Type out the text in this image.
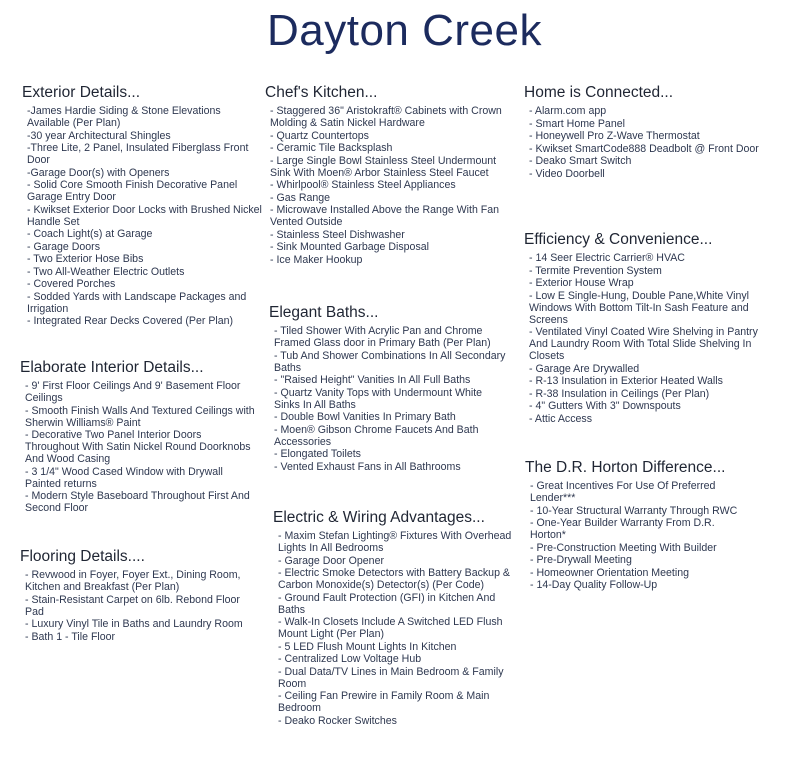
Dayton Creek
Exterior Details...
-James Hardie Siding & Stone Elevations Available (Per Plan)
-30 year Architectural Shingles
-Three Lite, 2 Panel, Insulated Fiberglass Front Door
-Garage Door(s) with Openers
- Solid Core Smooth Finish Decorative Panel Garage Entry Door
- Kwikset Exterior Door Locks with Brushed Nickel Handle Set
- Coach Light(s) at Garage
- Garage Doors
- Two Exterior Hose Bibs
- Two All-Weather Electric Outlets
- Covered Porches
- Sodded Yards with Landscape Packages and Irrigation
- Integrated Rear Decks Covered (Per Plan)
Elaborate Interior Details...
- 9' First Floor Ceilings And 9' Basement Floor Ceilings
- Smooth Finish Walls And Textured Ceilings with Sherwin Williams® Paint
- Decorative Two Panel Interior Doors Throughout With Satin Nickel Round Doorknobs And Wood Casing
- 3 1/4" Wood Cased Window with Drywall Painted returns
- Modern Style Baseboard Throughout First And Second Floor
Flooring Details....
- Revwood in Foyer, Foyer Ext., Dining Room, Kitchen and Breakfast (Per Plan)
- Stain-Resistant Carpet on 6lb. Rebond Floor Pad
- Luxury Vinyl Tile in Baths and Laundry Room
- Bath 1 - Tile Floor
Chef's Kitchen...
- Staggered 36" Aristokraft® Cabinets with Crown Molding & Satin Nickel Hardware
- Quartz Countertops
- Ceramic Tile Backsplash
- Large Single Bowl Stainless Steel Undermount Sink With Moen® Arbor Stainless Steel Faucet
- Whirlpool® Stainless Steel Appliances
- Gas Range
- Microwave Installed Above the Range With Fan Vented Outside
- Stainless Steel Dishwasher
- Sink Mounted Garbage Disposal
- Ice Maker Hookup
Elegant Baths...
- Tiled Shower With Acrylic Pan and Chrome Framed Glass door in Primary Bath (Per Plan)
- Tub And Shower Combinations In All Secondary Baths
- "Raised Height" Vanities In All Full Baths
- Quartz Vanity Tops with Undermount White Sinks In All Baths
- Double Bowl Vanities In Primary Bath
- Moen® Gibson Chrome Faucets And Bath Accessories
- Elongated Toilets
- Vented Exhaust Fans in All Bathrooms
Electric & Wiring Advantages...
- Maxim Stefan Lighting® Fixtures With Overhead Lights In All Bedrooms
- Garage Door Opener
- Electric Smoke Detectors with Battery Backup & Carbon Monoxide(s) Detector(s) (Per Code)
- Ground Fault Protection (GFI) in Kitchen And Baths
- Walk-In Closets Include A Switched LED Flush Mount Light (Per Plan)
- 5 LED Flush Mount Lights In Kitchen
- Centralized Low Voltage Hub
- Dual Data/TV Lines in Main Bedroom & Family Room
- Ceiling Fan Prewire in Family Room & Main Bedroom
- Deako Rocker Switches
Home is Connected...
- Alarm.com app
- Smart Home Panel
- Honeywell Pro Z-Wave Thermostat
- Kwikset SmartCode888 Deadbolt @ Front Door
- Deako Smart Switch
- Video Doorbell
Efficiency & Convenience...
- 14 Seer Electric Carrier® HVAC
- Termite Prevention System
- Exterior House Wrap
- Low E Single-Hung, Double Pane,White Vinyl Windows With Bottom Tilt-In Sash Feature and Screens
- Ventilated Vinyl Coated Wire Shelving in Pantry And Laundry Room With Total Slide Shelving In Closets
- Garage Are Drywalled
- R-13 Insulation in Exterior Heated Walls
- R-38 Insulation in Ceilings (Per Plan)
- 4" Gutters With 3" Downspouts
- Attic Access
The D.R. Horton Difference...
- Great Incentives For Use Of Preferred Lender***
- 10-Year Structural Warranty Through RWC
- One-Year Builder Warranty From D.R. Horton*
- Pre-Construction Meeting With Builder
- Pre-Drywall Meeting
- Homeowner Orientation Meeting
- 14-Day Quality Follow-Up
